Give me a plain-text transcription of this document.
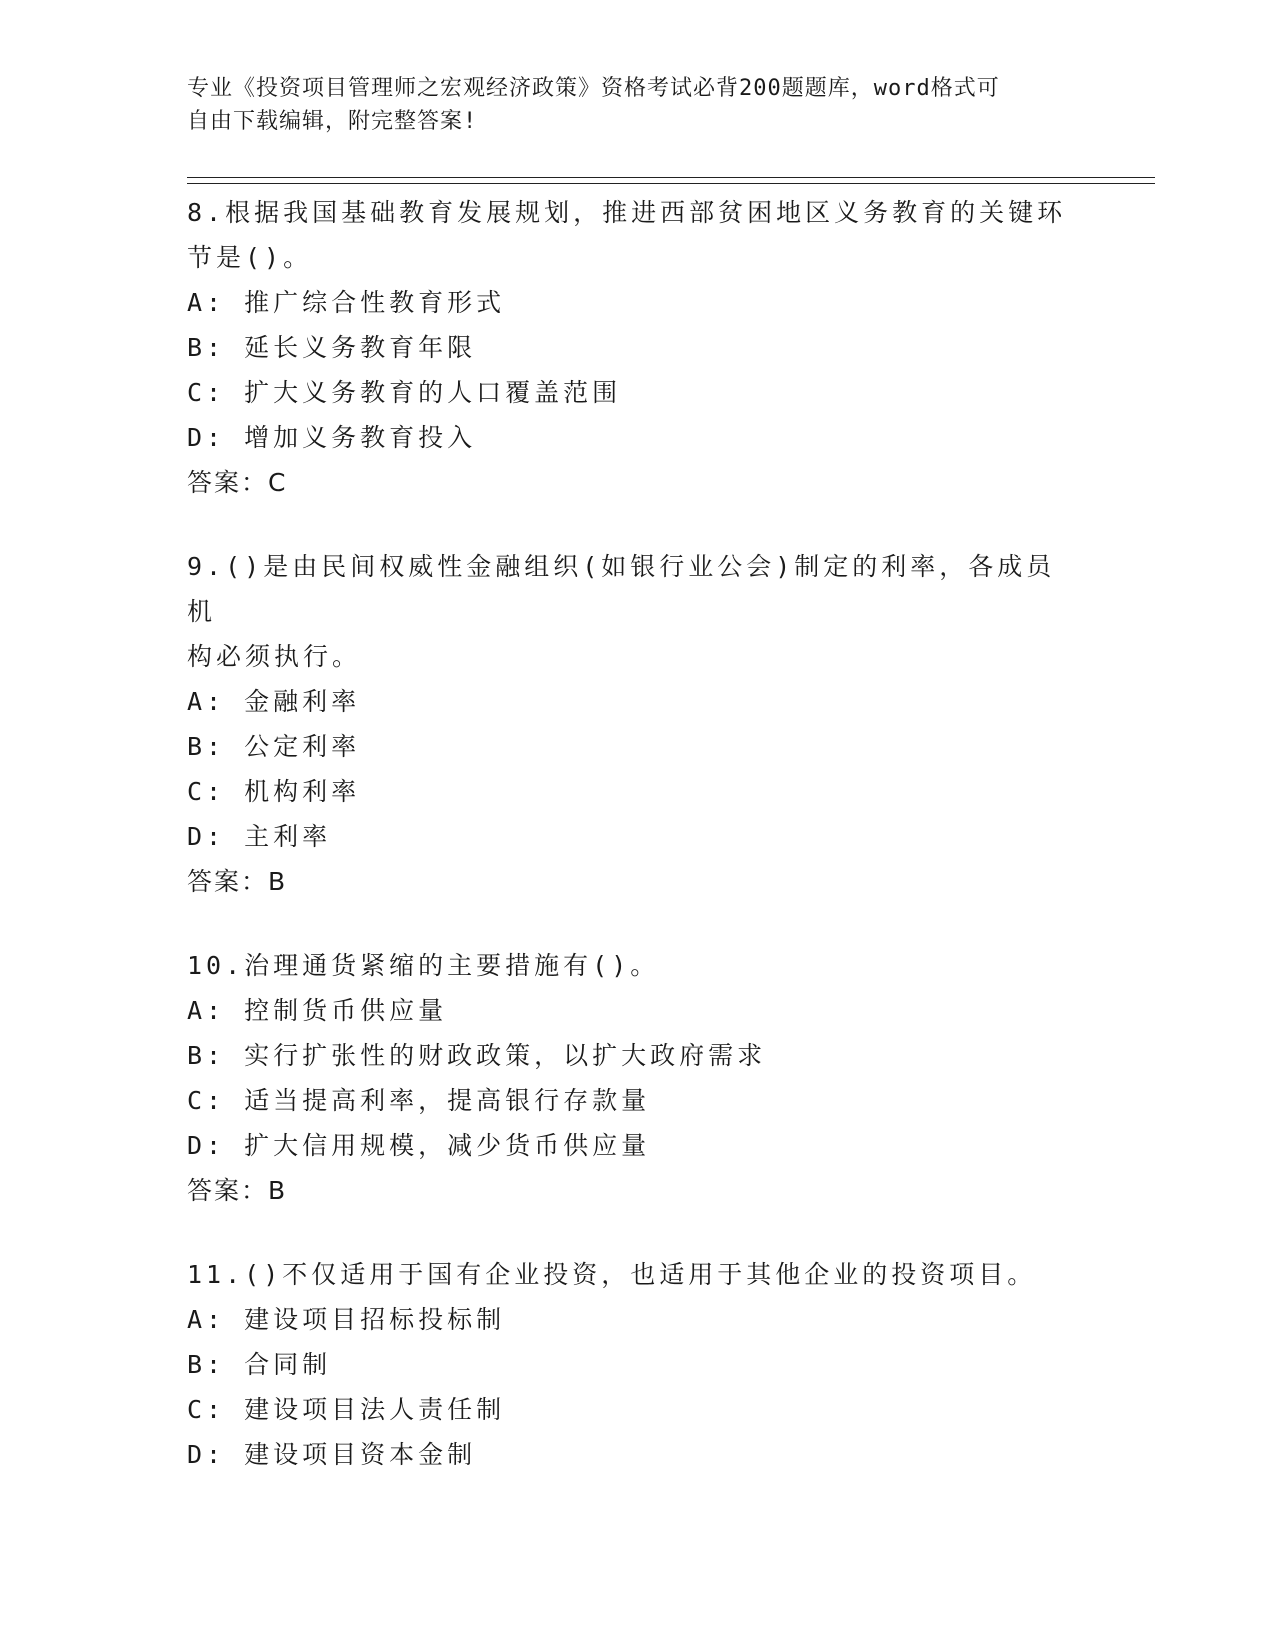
专业《投资项目管理师之宏观经济政策》资格考试必背200题题库，word格式可
自由下载编辑，附完整答案!
8.根据我国基础教育发展规划，推进西部贫困地区义务教育的关键环
节是()。
A: 推广综合性教育形式
B: 延长义务教育年限
C: 扩大义务教育的人口覆盖范围
D: 增加义务教育投入
答案：C
9.()是由民间权威性金融组织(如银行业公会)制定的利率，各成员机
构必须执行。
A: 金融利率
B: 公定利率
C: 机构利率
D: 主利率
答案：B
10.治理通货紧缩的主要措施有()。
A: 控制货币供应量
B: 实行扩张性的财政政策，以扩大政府需求
C: 适当提高利率，提高银行存款量
D: 扩大信用规模，减少货币供应量
答案：B
11.()不仅适用于国有企业投资，也适用于其他企业的投资项目。
A: 建设项目招标投标制
B: 合同制
C: 建设项目法人责任制
D: 建设项目资本金制
